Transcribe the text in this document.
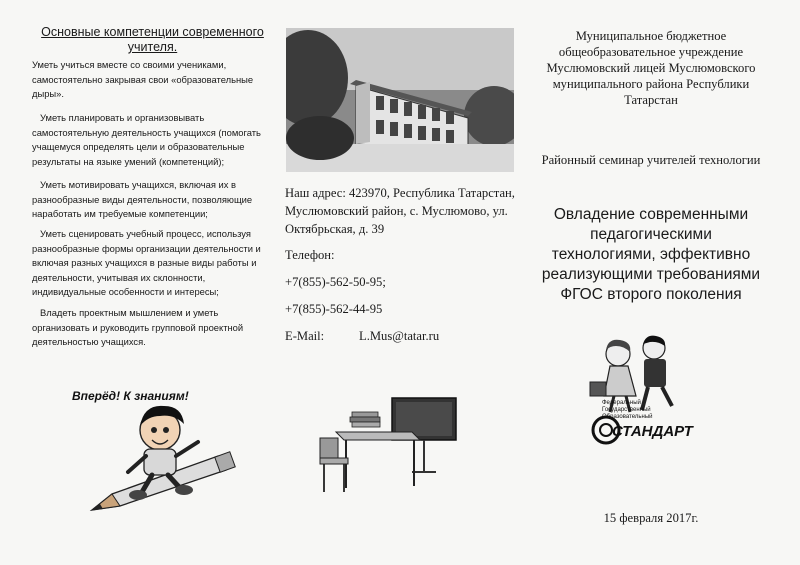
Основные компетенции современного учителя.
Уметь учиться вместе со своими учениками, самостоятельно закрывая свои «образовательные дыры».
Уметь планировать и организовывать самостоятельную деятельность учащихся (помогать учащемуся определять цели и образовательные результаты на языке умений (компетенций);
Уметь мотивировать учащихся, включая их в разнообразные виды деятельности, позволяющие наработать им требуемые компетенции;
Уметь сценировать учебный процесс, используя разнообразные формы организации деятельности и включая разных учащихся в разные виды работы и деятельности, учитывая их склонности, индивидуальные особенности и интересы;
Владеть проектным мышлением и уметь организовать и руководить групповой проектной деятельностью учащихся.
Вперёд! К знаниям!
Наш адрес: 423970, Республика Татарстан, Муслюмовский район, с. Муслюмово, ул. Октябрьская, д. 39
Телефон:
+7(855)-562-50-95;
+7(855)-562-44-95
E-Mail:	L.Mus@tatar.ru
Муниципальное бюджетное общеобразовательное учреждение Муслюмовский лицей Муслюмовского муниципального района Республики Татарстан
Районный семинар учителей технологии
Овладение современными педагогическими технологиями, эффективно реализующими требованиями ФГОС второго поколения
Федеральный
Государственный
Образовательный
СТАНДАРТ
15 февраля 2017г.
